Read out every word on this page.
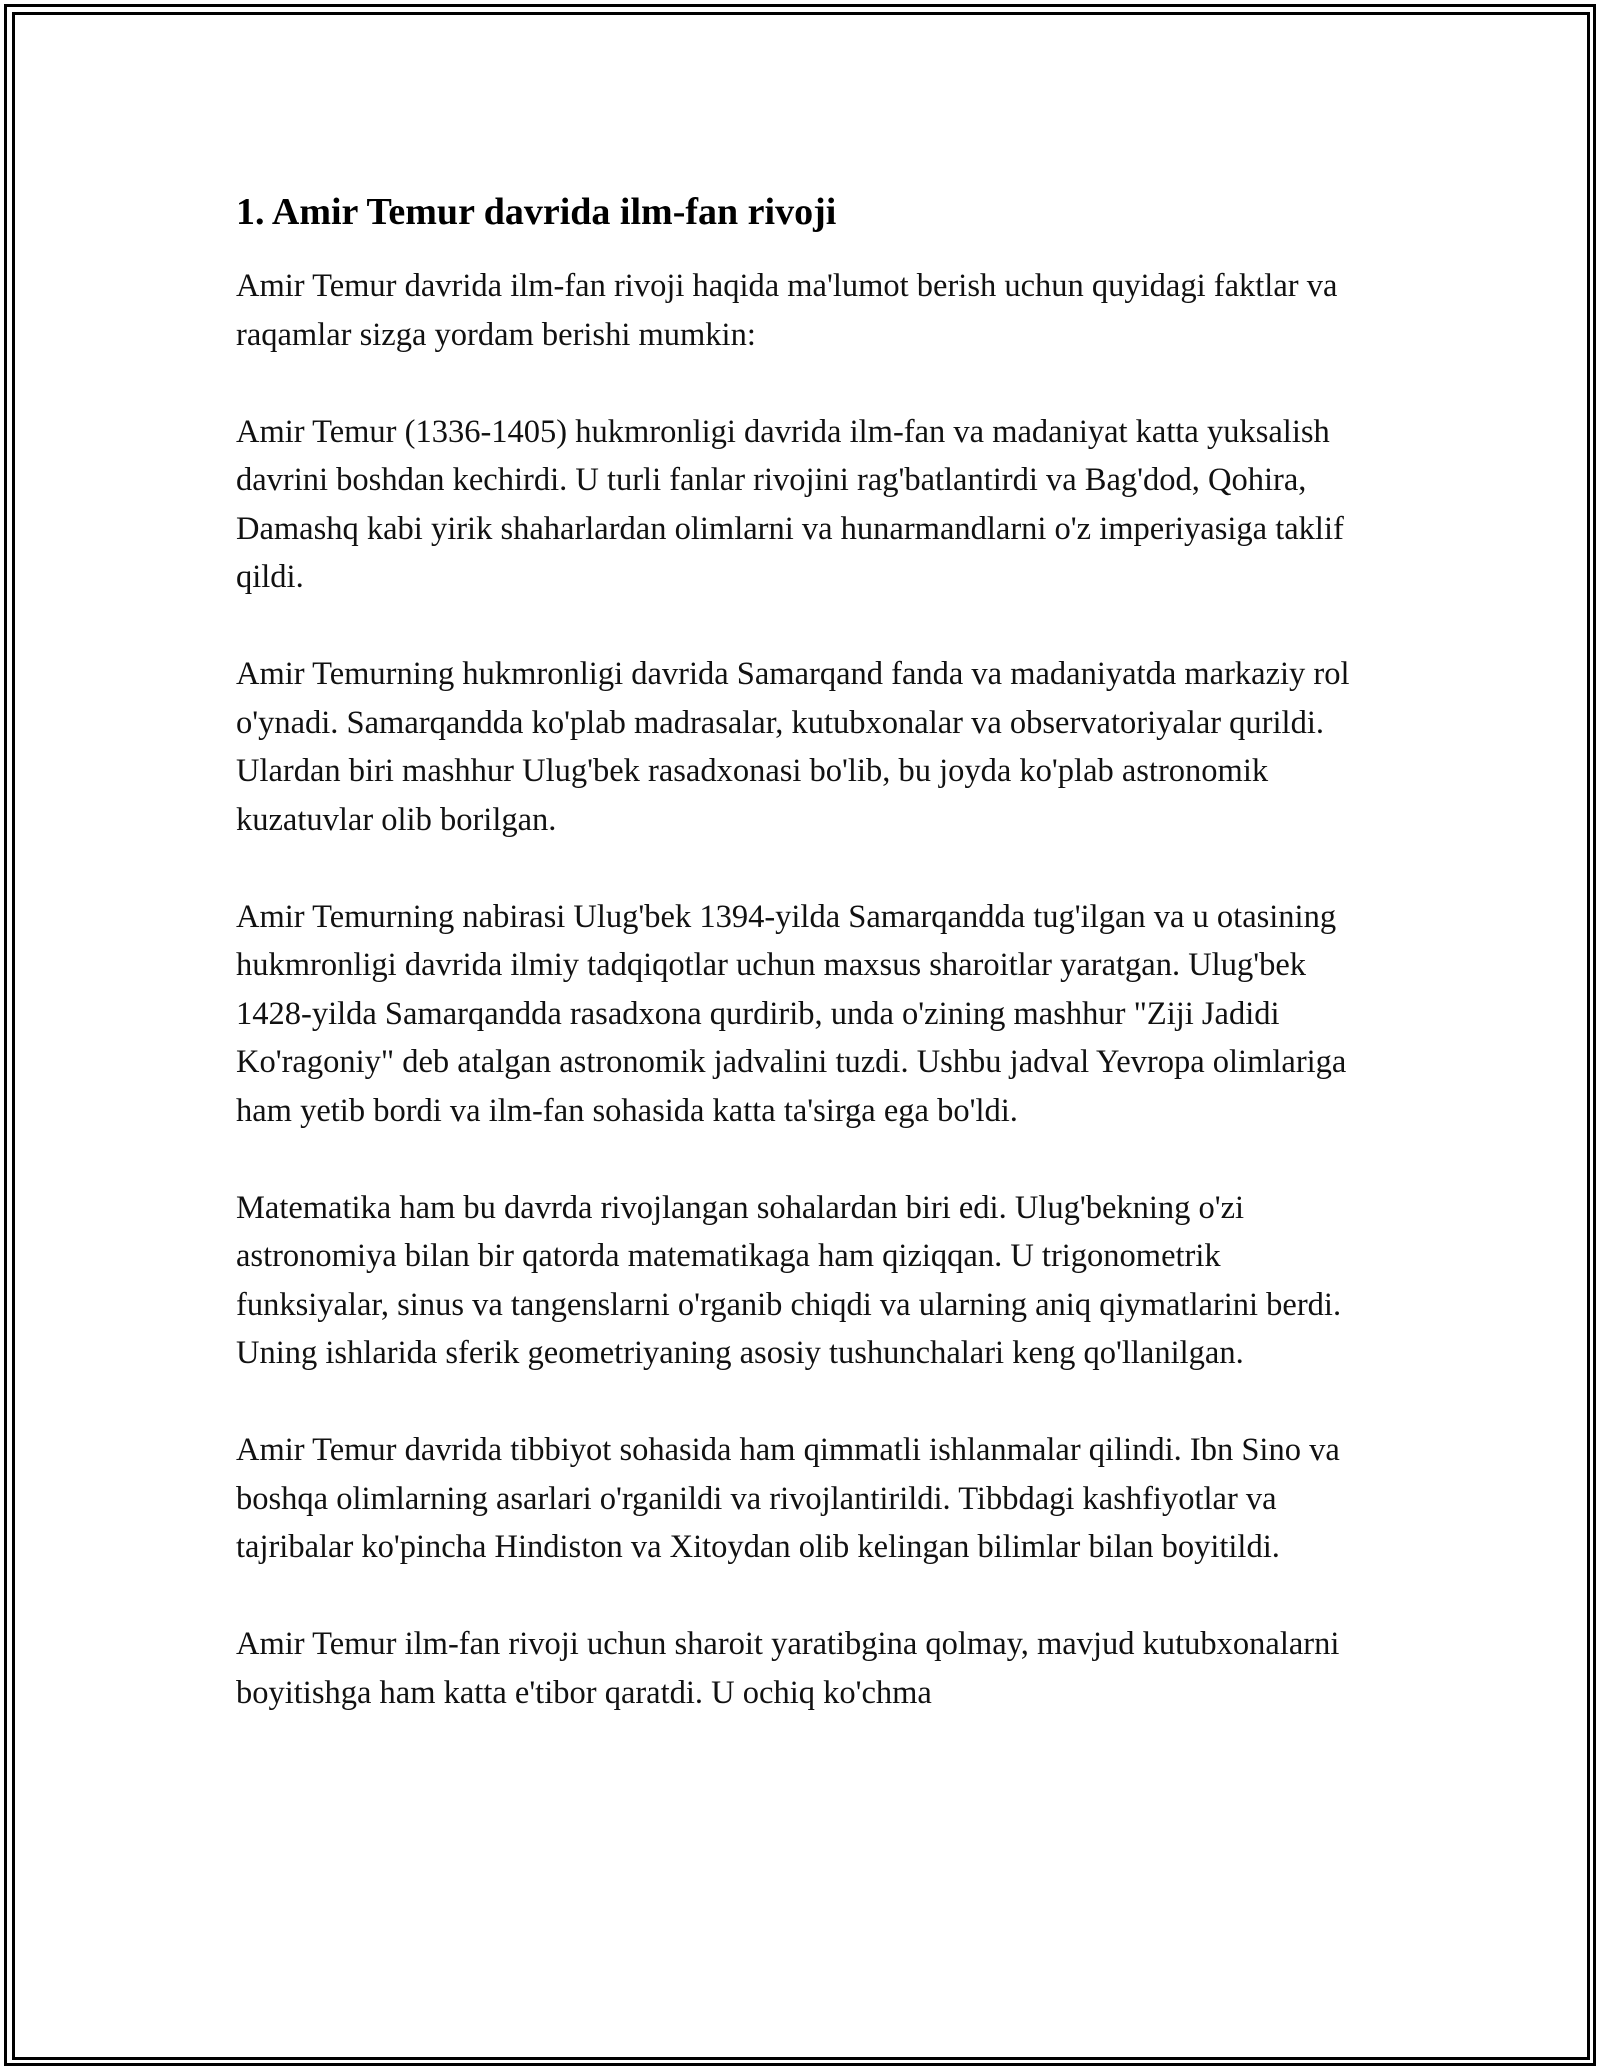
1. Amir Temur davrida ilm-fan rivoji

Amir Temur davrida ilm-fan rivoji haqida ma'lumot berish uchun quyidagi faktlar va raqamlar sizga yordam berishi mumkin:

Amir Temur (1336-1405) hukmronligi davrida ilm-fan va madaniyat katta yuksalish davrini boshdan kechirdi. U turli fanlar rivojini rag'batlantirdi va Bag'dod, Qohira, Damashq kabi yirik shaharlardan olimlarni va hunarmandlarni o'z imperiyasiga taklif qildi.

Amir Temurning hukmronligi davrida Samarqand fanda va madaniyatda markaziy rol o'ynadi. Samarqandda ko'plab madrasalar, kutubxonalar va observatoriyalar qurildi. Ulardan biri mashhur Ulug'bek rasadxonasi bo'lib, bu joyda ko'plab astronomik kuzatuvlar olib borilgan.

Amir Temurning nabirasi Ulug'bek 1394-yilda Samarqandda tug'ilgan va u otasining hukmronligi davrida ilmiy tadqiqotlar uchun maxsus sharoitlar yaratgan. Ulug'bek 1428-yilda Samarqandda rasadxona qurdirib, unda o'zining mashhur "Ziji Jadidi Ko'ragoniy" deb atalgan astronomik jadvalini tuzdi. Ushbu jadval Yevropa olimlariga ham yetib bordi va ilm-fan sohasida katta ta'sirga ega bo'ldi.

Matematika ham bu davrda rivojlangan sohalardan biri edi. Ulug'bekning o'zi astronomiya bilan bir qatorda matematikaga ham qiziqqan. U trigonometrik funksiyalar, sinus va tangenslarni o'rganib chiqdi va ularning aniq qiymatlarini berdi. Uning ishlarida sferik geometriyaning asosiy tushunchalari keng qo'llanilgan.

Amir Temur davrida tibbiyot sohasida ham qimmatli ishlanmalar qilindi. Ibn Sino va boshqa olimlarning asarlari o'rganildi va rivojlantirildi. Tibbdagi kashfiyotlar va tajribalar ko'pincha Hindiston va Xitoydan olib kelingan bilimlar bilan boyitildi.

Amir Temur ilm-fan rivoji uchun sharoit yaratibgina qolmay, mavjud kutubxonalarni boyitishga ham katta e'tibor qaratdi. U ochiq ko'chma
